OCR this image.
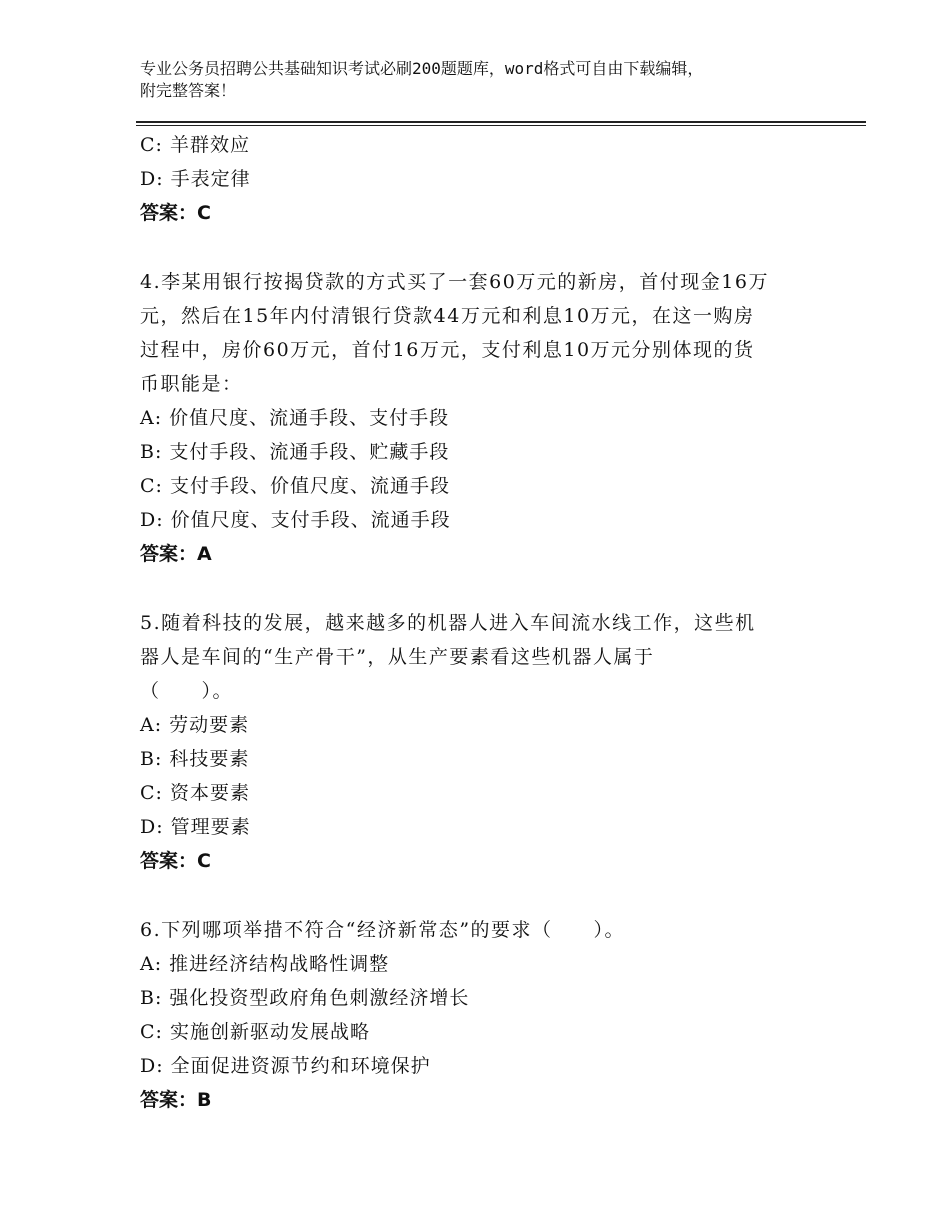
专业公务员招聘公共基础知识考试必刷200题题库，word格式可自由下载编辑，
附完整答案！
C: 羊群效应
D: 手表定律
答案：C
4.李某用银行按揭贷款的方式买了一套60万元的新房，首付现金16万
元，然后在15年内付清银行贷款44万元和利息10万元，在这一购房
过程中，房价60万元，首付16万元，支付利息10万元分别体现的货
币职能是：
A: 价值尺度、流通手段、支付手段
B: 支付手段、流通手段、贮藏手段
C: 支付手段、价值尺度、流通手段
D: 价值尺度、支付手段、流通手段
答案：A
5.随着科技的发展，越来越多的机器人进入车间流水线工作，这些机
器人是车间的“生产骨干”，从生产要素看这些机器人属于
（　　）。
A: 劳动要素
B: 科技要素
C: 资本要素
D: 管理要素
答案：C
6.下列哪项举措不符合“经济新常态”的要求（　　）。
A: 推进经济结构战略性调整
B: 强化投资型政府角色刺激经济增长
C: 实施创新驱动发展战略
D: 全面促进资源节约和环境保护
答案：B
